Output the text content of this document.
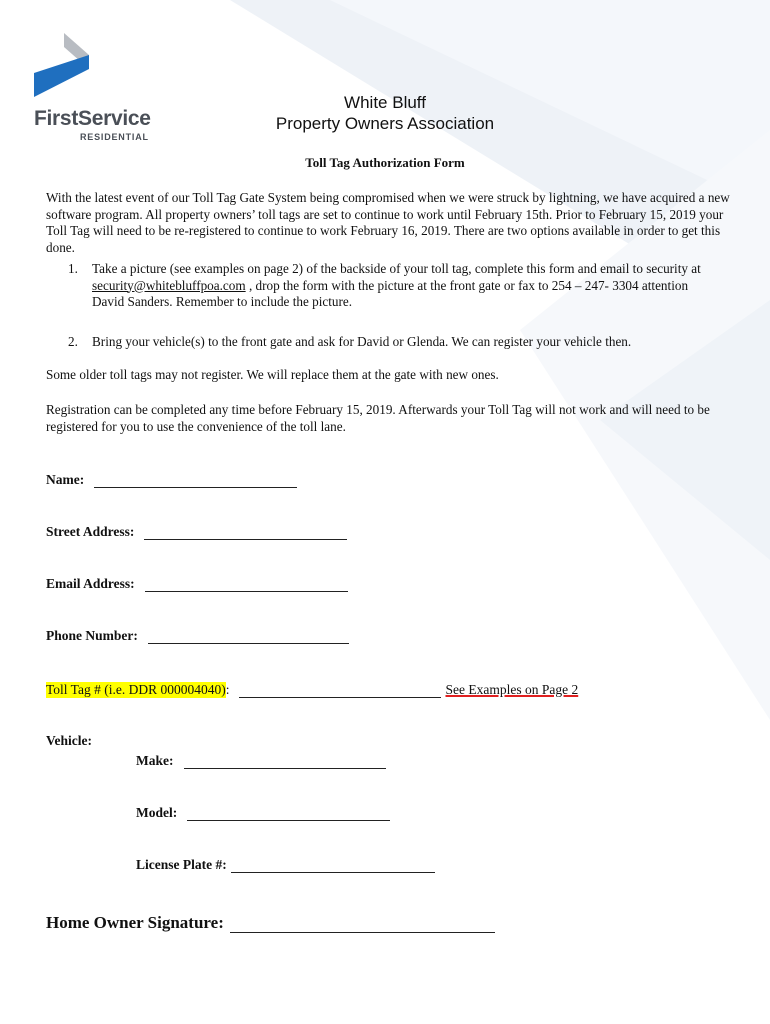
FirstService
RESIDENTIAL
White Bluff
Property Owners Association
Toll Tag Authorization Form
With the latest event of our Toll Tag Gate System being compromised when we were struck by lightning, we have acquired a new software program. All property owners’ toll tags are set to continue to work until February 15th. Prior to February 15, 2019 your Toll Tag will need to be re-registered to continue to work February 16, 2019. There are two options available in order to get this done.
1. Take a picture (see examples on page 2) of the backside of your toll tag, complete this form and email to security at security@whitebluffpoa.com , drop the form with the picture at the front gate or fax to 254 – 247- 3304 attention David Sanders. Remember to include the picture.
2. Bring your vehicle(s) to the front gate and ask for David or Glenda. We can register your vehicle then.
Some older toll tags may not register. We will replace them at the gate with new ones.
Registration can be completed any time before February 15, 2019. Afterwards your Toll Tag will not work and will need to be registered for you to use the convenience of the toll lane.
Name:
Street Address:
Email Address:
Phone Number:
Toll Tag # (i.e. DDR 000004040) :	See Examples on Page 2
Vehicle:
Make:
Model:
License Plate #:
Home Owner Signature:
